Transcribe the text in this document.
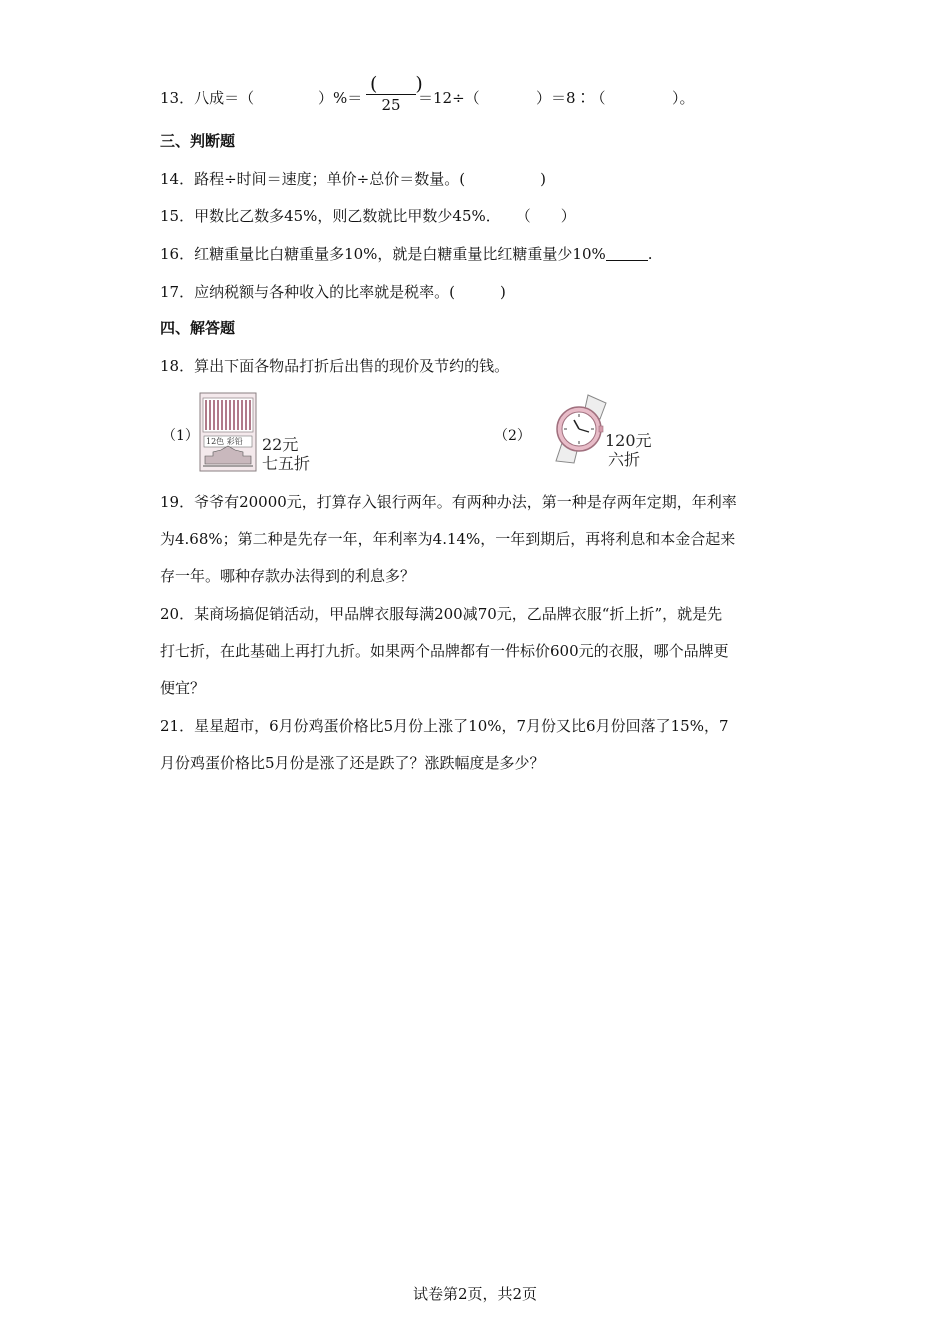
13．八成＝（	）%＝
(　　)
25	＝12÷（	）＝8∶（	）。
三、判断题
14．路程÷时间＝速度；单价÷总价＝数量。(　　　　　)
15．甲数比乙数多45%，则乙数就比甲数少45%．　　（　　）
16．红糖重量比白糖重量多10%，就是白糖重量比红糖重量少10%	.
17．应纳税额与各种收入的比率就是税率。(　　　)
四、解答题
18．算出下面各物品打折后出售的现价及节约的钱。
（1） 12色 彩铅 22元
七五折
（2）	120元
六折
19．爷爷有20000元，打算存入银行两年。有两种办法，第一种是存两年定期，年利率
为4.68%；第二种是先存一年，年利率为4.14%，一年到期后，再将利息和本金合起来
存一年。哪种存款办法得到的利息多？
20．某商场搞促销活动，甲品牌衣服每满200减70元，乙品牌衣服“折上折”，就是先
打七折，在此基础上再打九折。如果两个品牌都有一件标价600元的衣服，哪个品牌更
便宜？
21．星星超市，6月份鸡蛋价格比5月份上涨了10%，7月份又比6月份回落了15%，7
月份鸡蛋价格比5月份是涨了还是跌了？涨跌幅度是多少？
试卷第2页，共2页
